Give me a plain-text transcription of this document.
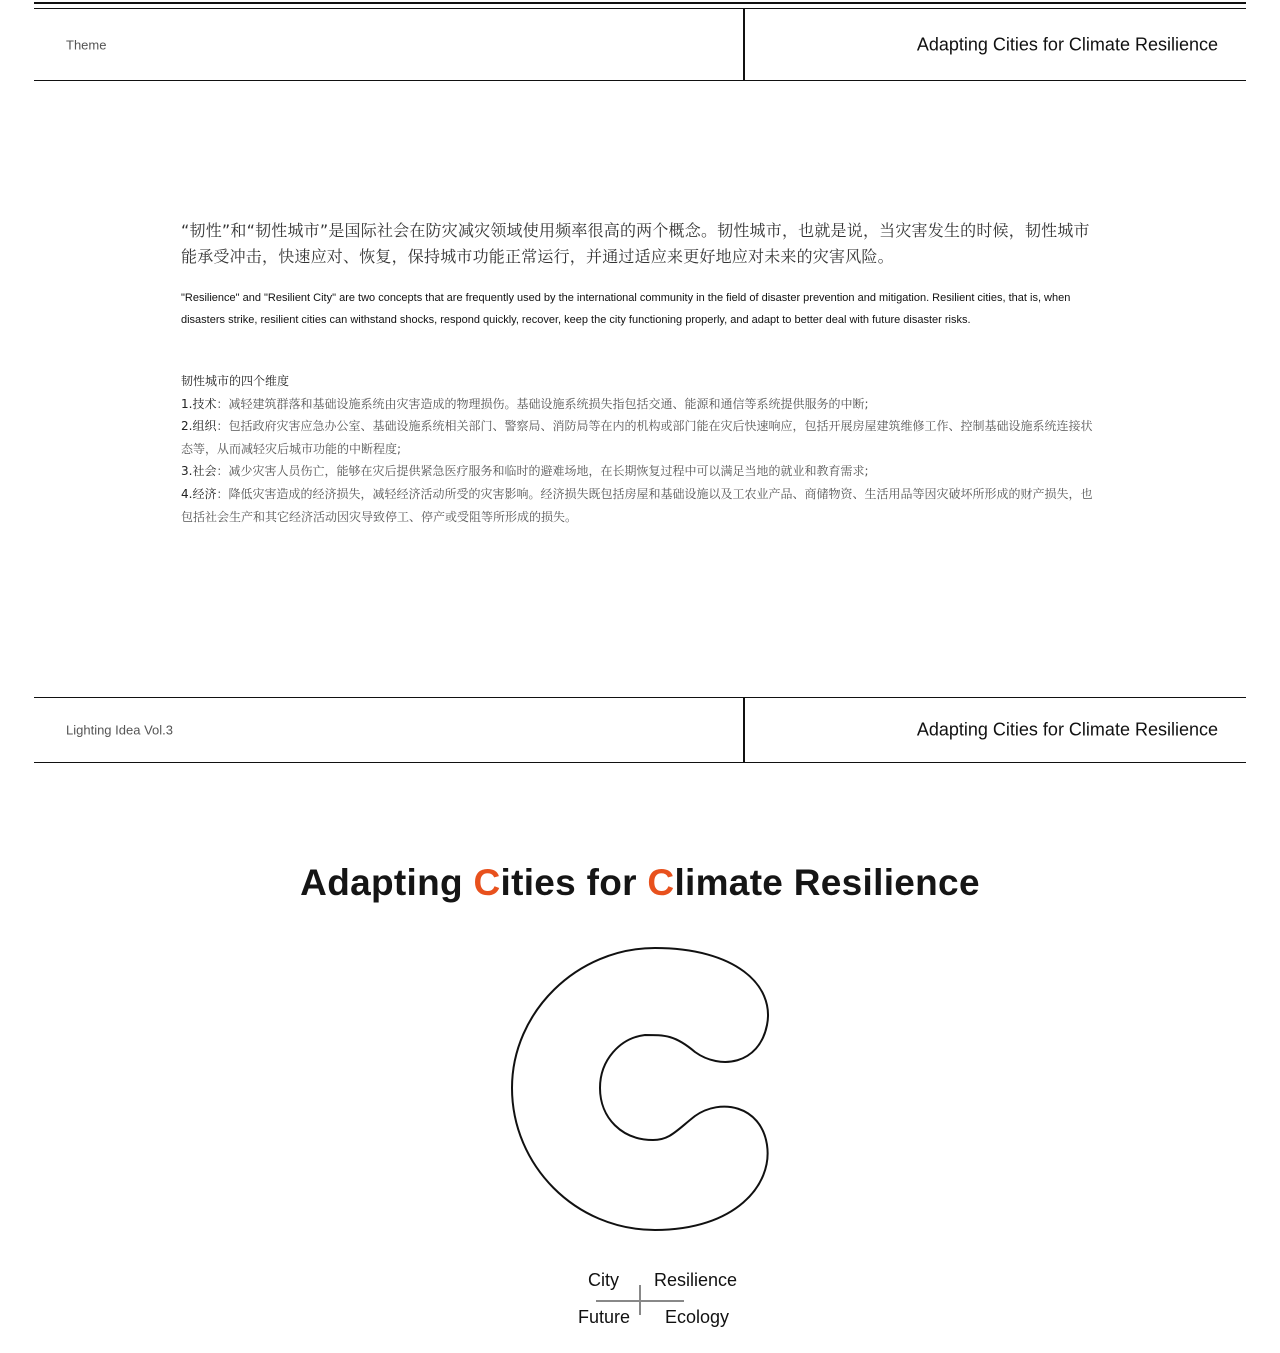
Theme	Adapting Cities for Climate Resilience
“韧性”和“韧性城市”是国际社会在防灾减灾领域使用频率很高的两个概念。韧性城市，也就是说，当灾害发生的时候，韧性城市能承受冲击，快速应对、恢复，保持城市功能正常运行，并通过适应来更好地应对未来的灾害风险。
"Resilience" and "Resilient City" are two concepts that are frequently used by the international community in the field of disaster prevention and mitigation. Resilient cities, that is, when disasters strike, resilient cities can withstand shocks, respond quickly, recover, keep the city functioning properly, and adapt to better deal with future disaster risks.
韧性城市的四个维度
1.技术：减轻建筑群落和基础设施系统由灾害造成的物理损伤。基础设施系统损失指包括交通、能源和通信等系统提供服务的中断;
2.组织：包括政府灾害应急办公室、基础设施系统相关部门、警察局、消防局等在内的机构或部门能在灾后快速响应，包括开展房屋建筑维修工作、控制基础设施系统连接状态等，从而减轻灾后城市功能的中断程度;
3.社会：减少灾害人员伤亡，能够在灾后提供紧急医疗服务和临时的避难场地，在长期恢复过程中可以满足当地的就业和教育需求;
4.经济：降低灾害造成的经济损失，减轻经济活动所受的灾害影响。经济损失既包括房屋和基础设施以及工农业产品、商储物资、生活用品等因灾破坏所形成的财产损失，也包括社会生产和其它经济活动因灾导致停工、停产或受阻等所形成的损失。
Lighting Idea Vol.3	Adapting Cities for Climate Resilience
Adapting Cities for Climate Resilience
City Resilience
Future Ecology
